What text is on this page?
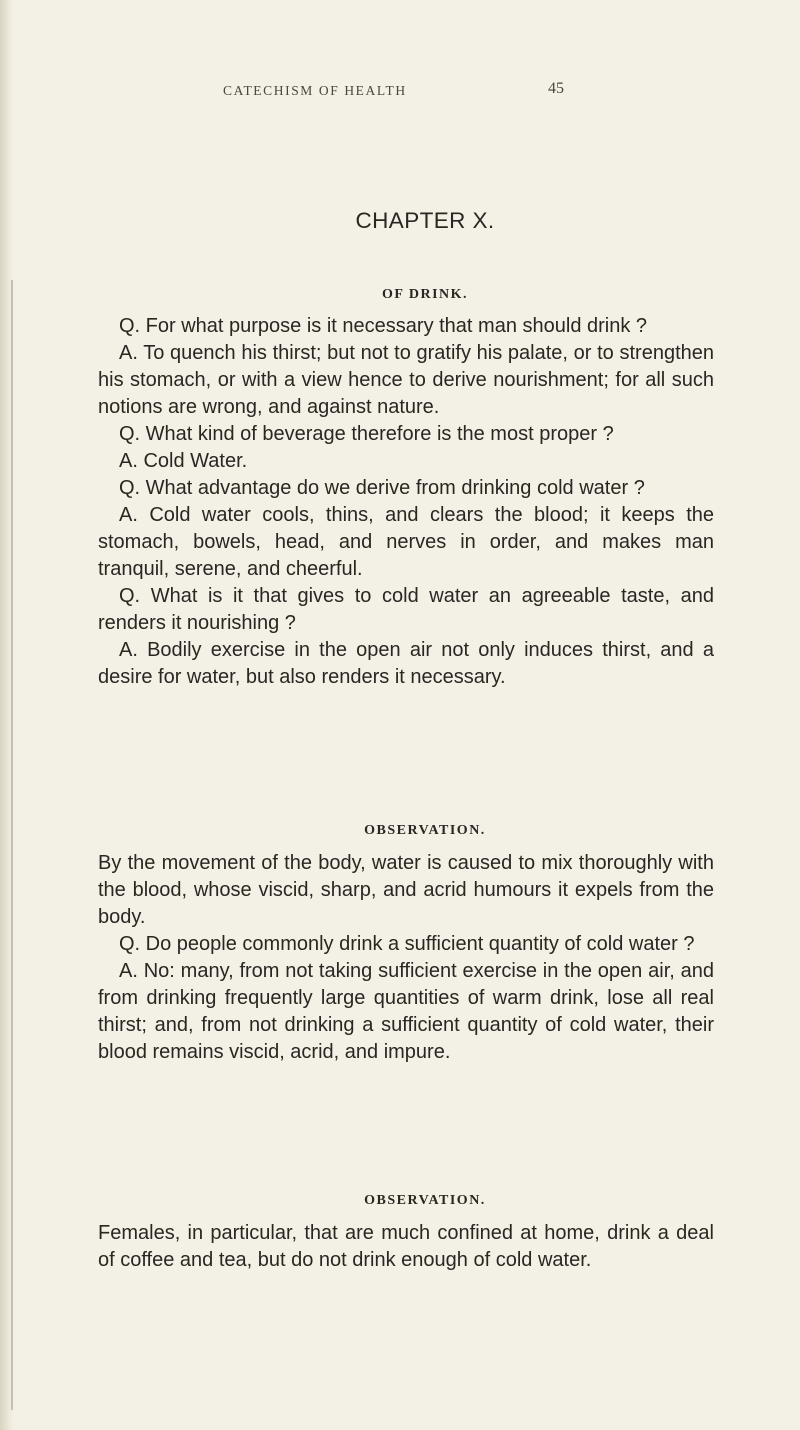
CATECHISM OF HEALTH	45
CHAPTER X.
OF DRINK.

Q. For what purpose is it necessary that man should drink ?

A. To quench his thirst; but not to gratify his palate, or to strengthen his stomach, or with a view hence to derive nourishment; for all such notions are wrong, and against nature.

Q. What kind of beverage therefore is the most proper ?

A. Cold Water.

Q. What advantage do we derive from drinking cold water ?

A. Cold water cools, thins, and clears the blood; it keeps the stomach, bowels, head, and nerves in order, and makes man tranquil, serene, and cheerful.

Q. What is it that gives to cold water an agreeable taste, and renders it nourishing ?

A. Bodily exercise in the open air not only induces thirst, and a desire for water, but also renders it necessary.

OBSERVATION.

By the movement of the body, water is caused to mix thoroughly with the blood, whose viscid, sharp, and acrid humours it expels from the body.

Q. Do people commonly drink a sufficient quantity of cold water ?

A. No: many, from not taking sufficient exercise in the open air, and from drinking frequently large quantities of warm drink, lose all real thirst; and, from not drinking a sufficient quantity of cold water, their blood remains viscid, acrid, and impure.

OBSERVATION.

Females, in particular, that are much confined at home, drink a deal of coffee and tea, but do not drink enough of cold water.
